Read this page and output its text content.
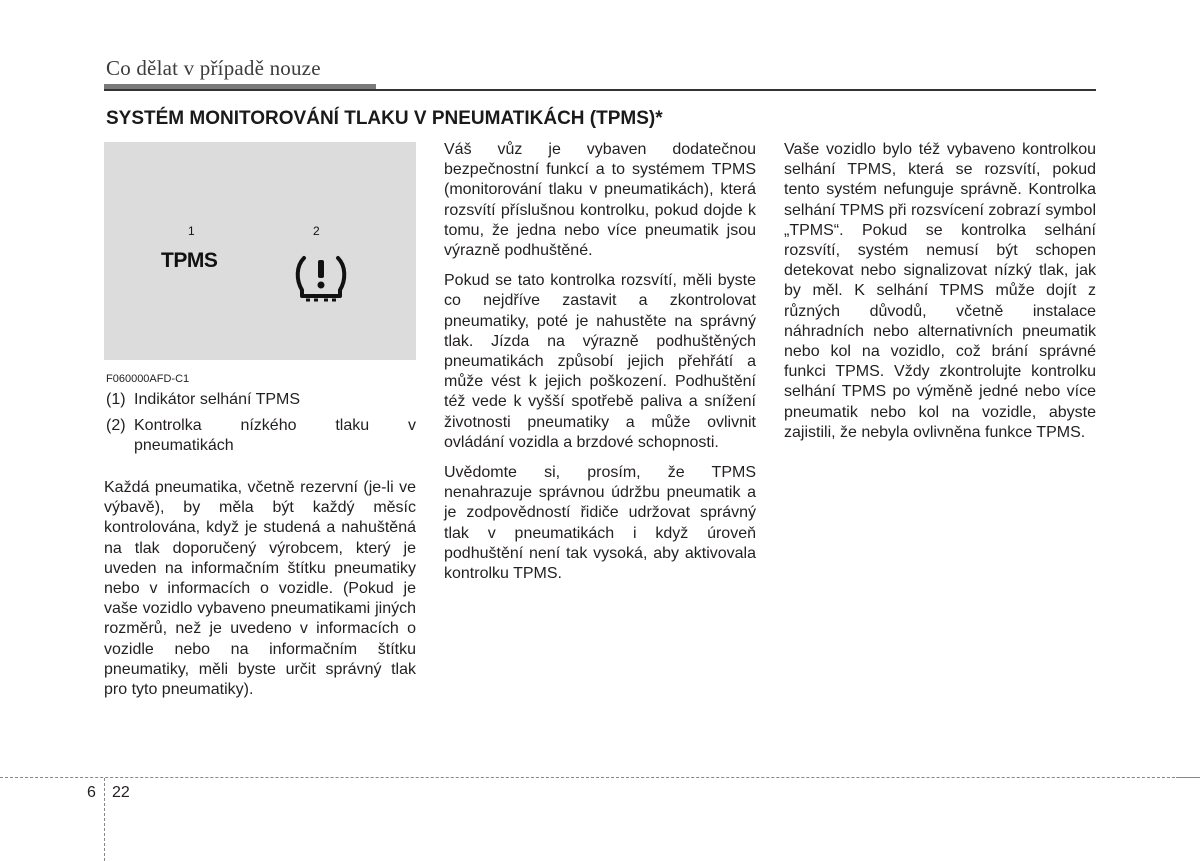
Co dělat v případě nouze
SYSTÉM MONITOROVÁNÍ TLAKU V PNEUMATIKÁCH (TPMS)*
1	2
TPMS
F060000AFD-C1
(1) Indikátor selhání TPMS
(2) Kontrolka nízkého tlaku v pneumatikách

Každá pneumatika, včetně rezervní (je-li ve výbavě), by měla být každý měsíc kontrolována, když je studená a nahuštěná na tlak doporučený výrobcem, který je uveden na informačním štítku pneumatiky nebo v informacích o vozidle. (Pokud je vaše vozidlo vybaveno pneumatikami jiných rozměrů, než je uvedeno v informacích o vozidle nebo na informačním štítku pneumatiky, měli byste určit správný tlak pro tyto pneumatiky).

Váš vůz je vybaven dodatečnou bezpečnostní funkcí a to systémem TPMS (monitorování tlaku v pneumatikách), která rozsvítí příslušnou kontrolku, pokud dojde k tomu, že jedna nebo více pneumatik jsou výrazně podhuštěné.

Pokud se tato kontrolka rozsvítí, měli byste co nejdříve zastavit a zkontrolovat pneumatiky, poté je nahustěte na správný tlak. Jízda na výrazně podhuštěných pneumatikách způsobí jejich přehřátí a může vést k jejich poškození. Podhuštění též vede k vyšší spotřebě paliva a snížení životnosti pneumatiky a může ovlivnit ovládání vozidla a brzdové schopnosti.

Uvědomte si, prosím, že TPMS nenahrazuje správnou údržbu pneumatik a je zodpovědností řidiče udržovat správný tlak v pneumatikách i když úroveň podhuštění není tak vysoká, aby aktivovala kontrolku TPMS.

Vaše vozidlo bylo též vybaveno kontrolkou selhání TPMS, která se rozsvítí, pokud tento systém nefunguje správně. Kontrolka selhání TPMS při rozsvícení zobrazí symbol „TPMS“. Pokud se kontrolka selhání rozsvítí, systém nemusí být schopen detekovat nebo signalizovat nízký tlak, jak by měl. K selhání TPMS může dojít z různých důvodů, včetně instalace náhradních nebo alternativních pneumatik nebo kol na vozidlo, což brání správné funkci TPMS. Vždy zkontrolujte kontrolku selhání TPMS po výměně jedné nebo více pneumatik nebo kol na vozidle, abyste zajistili, že nebyla ovlivněna funkce TPMS.

6 22
